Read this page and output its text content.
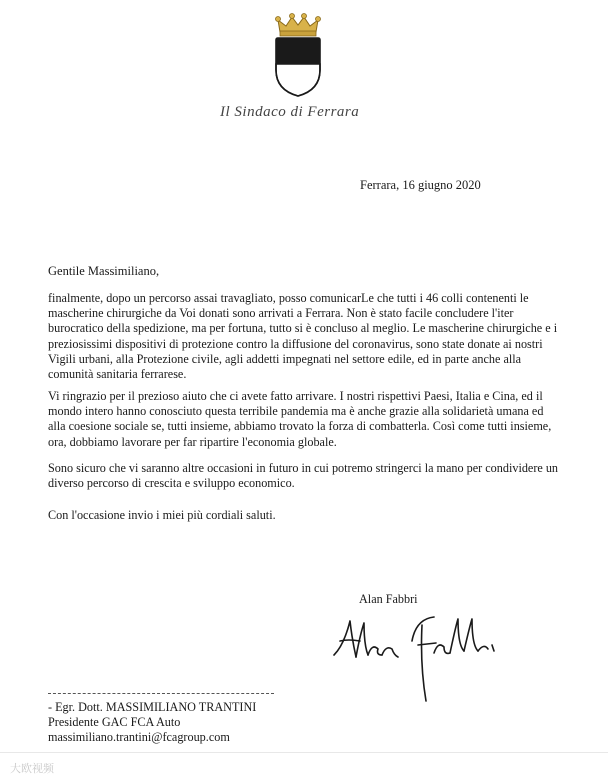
Il Sindaco di Ferrara
Ferrara, 16 giugno 2020
Gentile Massimiliano,
finalmente, dopo un percorso assai travagliato, posso comunicarLe che tutti i 46 colli contenenti le mascherine chirurgiche da Voi donati sono arrivati a Ferrara. Non è stato facile concludere l'iter burocratico della spedizione, ma per fortuna, tutto si è concluso al meglio. Le mascherine chirurgiche e i preziosissimi dispositivi di protezione contro la diffusione del coronavirus, sono state donate ai nostri Vigili urbani, alla Protezione civile, agli addetti impegnati nel settore edile, ed in parte anche alla comunità sanitaria ferrarese.
Vi ringrazio per il prezioso aiuto che ci avete fatto arrivare. I nostri rispettivi Paesi, Italia e Cina, ed il mondo intero hanno conosciuto questa terribile pandemia ma è anche grazie alla solidarietà umana ed alla coesione sociale se, tutti insieme, abbiamo trovato la forza di combatterla. Così come tutti insieme, ora, dobbiamo lavorare per far ripartire l'economia globale.
Sono sicuro che vi saranno altre occasioni in futuro in cui potremo stringerci la mano per condividere un diverso percorso di crescita e sviluppo economico.
Con l'occasione invio i miei più cordiali saluti.
Alan Fabbri
- Egr. Dott. MASSIMILIANO TRANTINI
Presidente GAC FCA Auto
massimiliano.trantini@fcagroup.com
大欧视频
